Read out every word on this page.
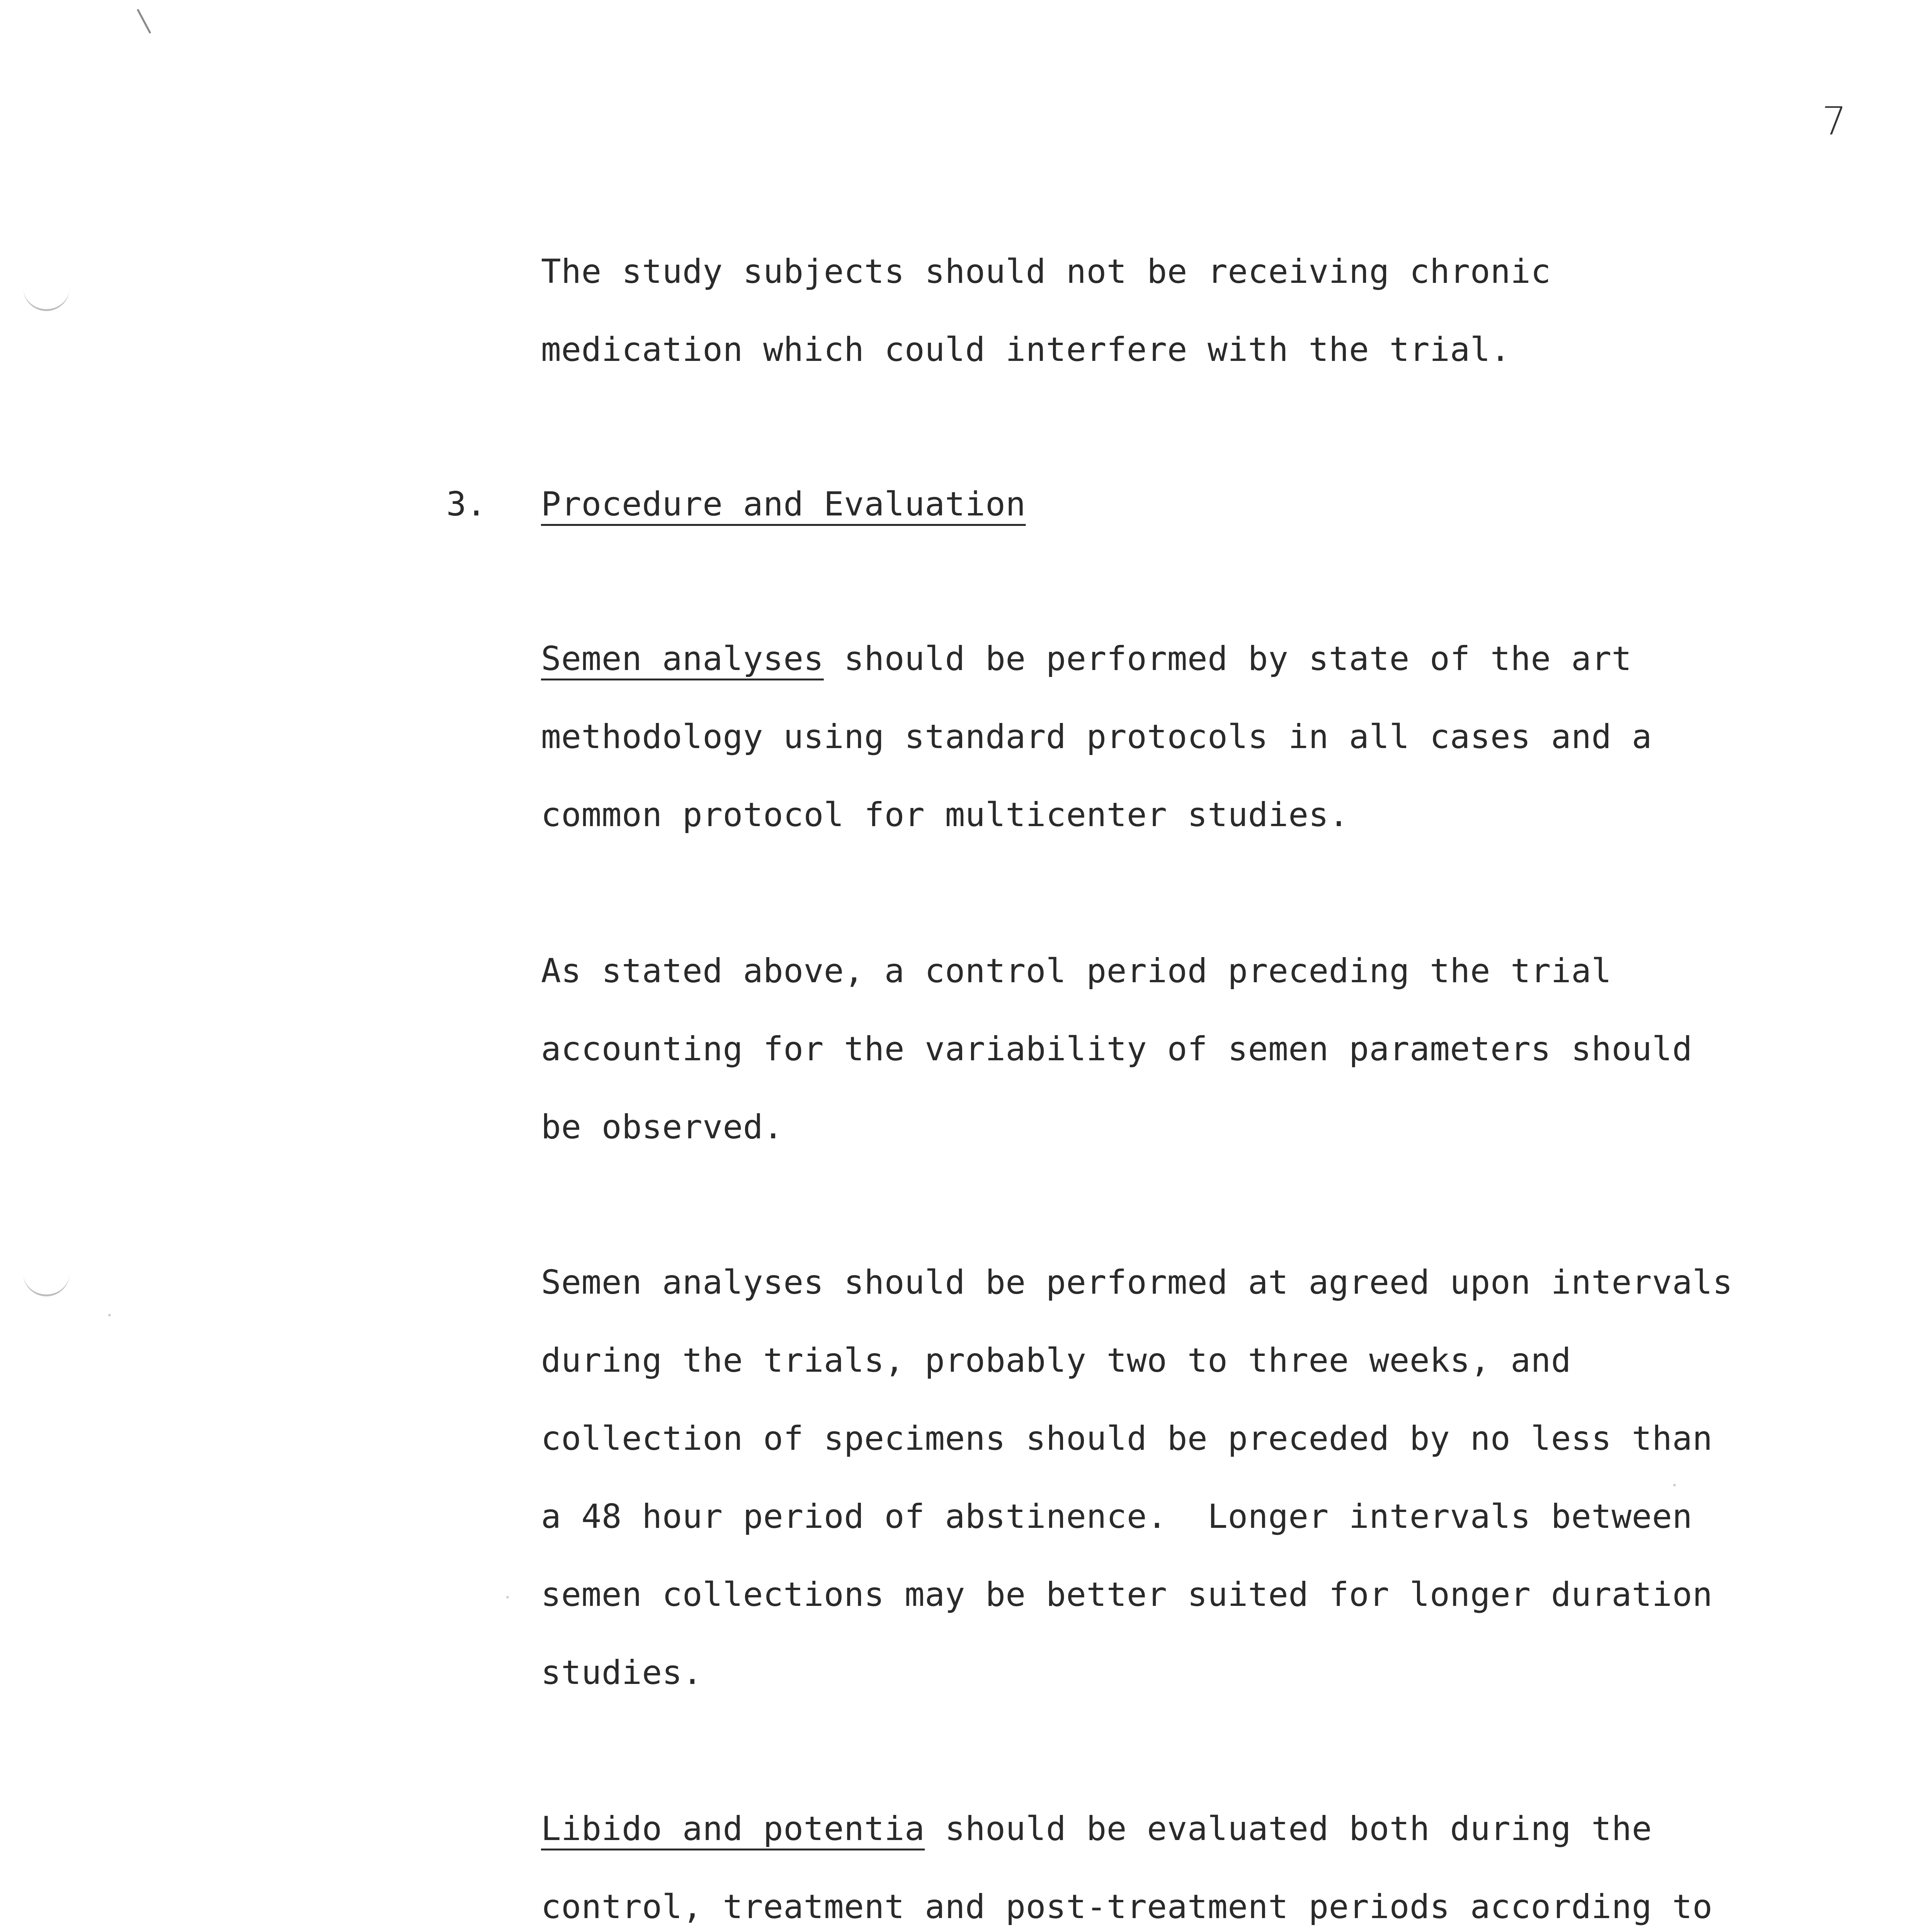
7

The study subjects should not be receiving chronic

medication which could interfere with the trial.

3. Procedure and Evaluation

Semen analyses should be performed by state of the art

methodology using standard protocols in all cases and a

common protocol for multicenter studies.

As stated above, a control period preceding the trial

accounting for the variability of semen parameters should

be observed.

Semen analyses should be performed at agreed upon intervals

during the trials, probably two to three weeks, and

collection of specimens should be preceded by no less than

a 48 hour period of abstinence.  Longer intervals between

semen collections may be better suited for longer duration

studies.

Libido and potentia should be evaluated both during the

control, treatment and post-treatment periods according to
